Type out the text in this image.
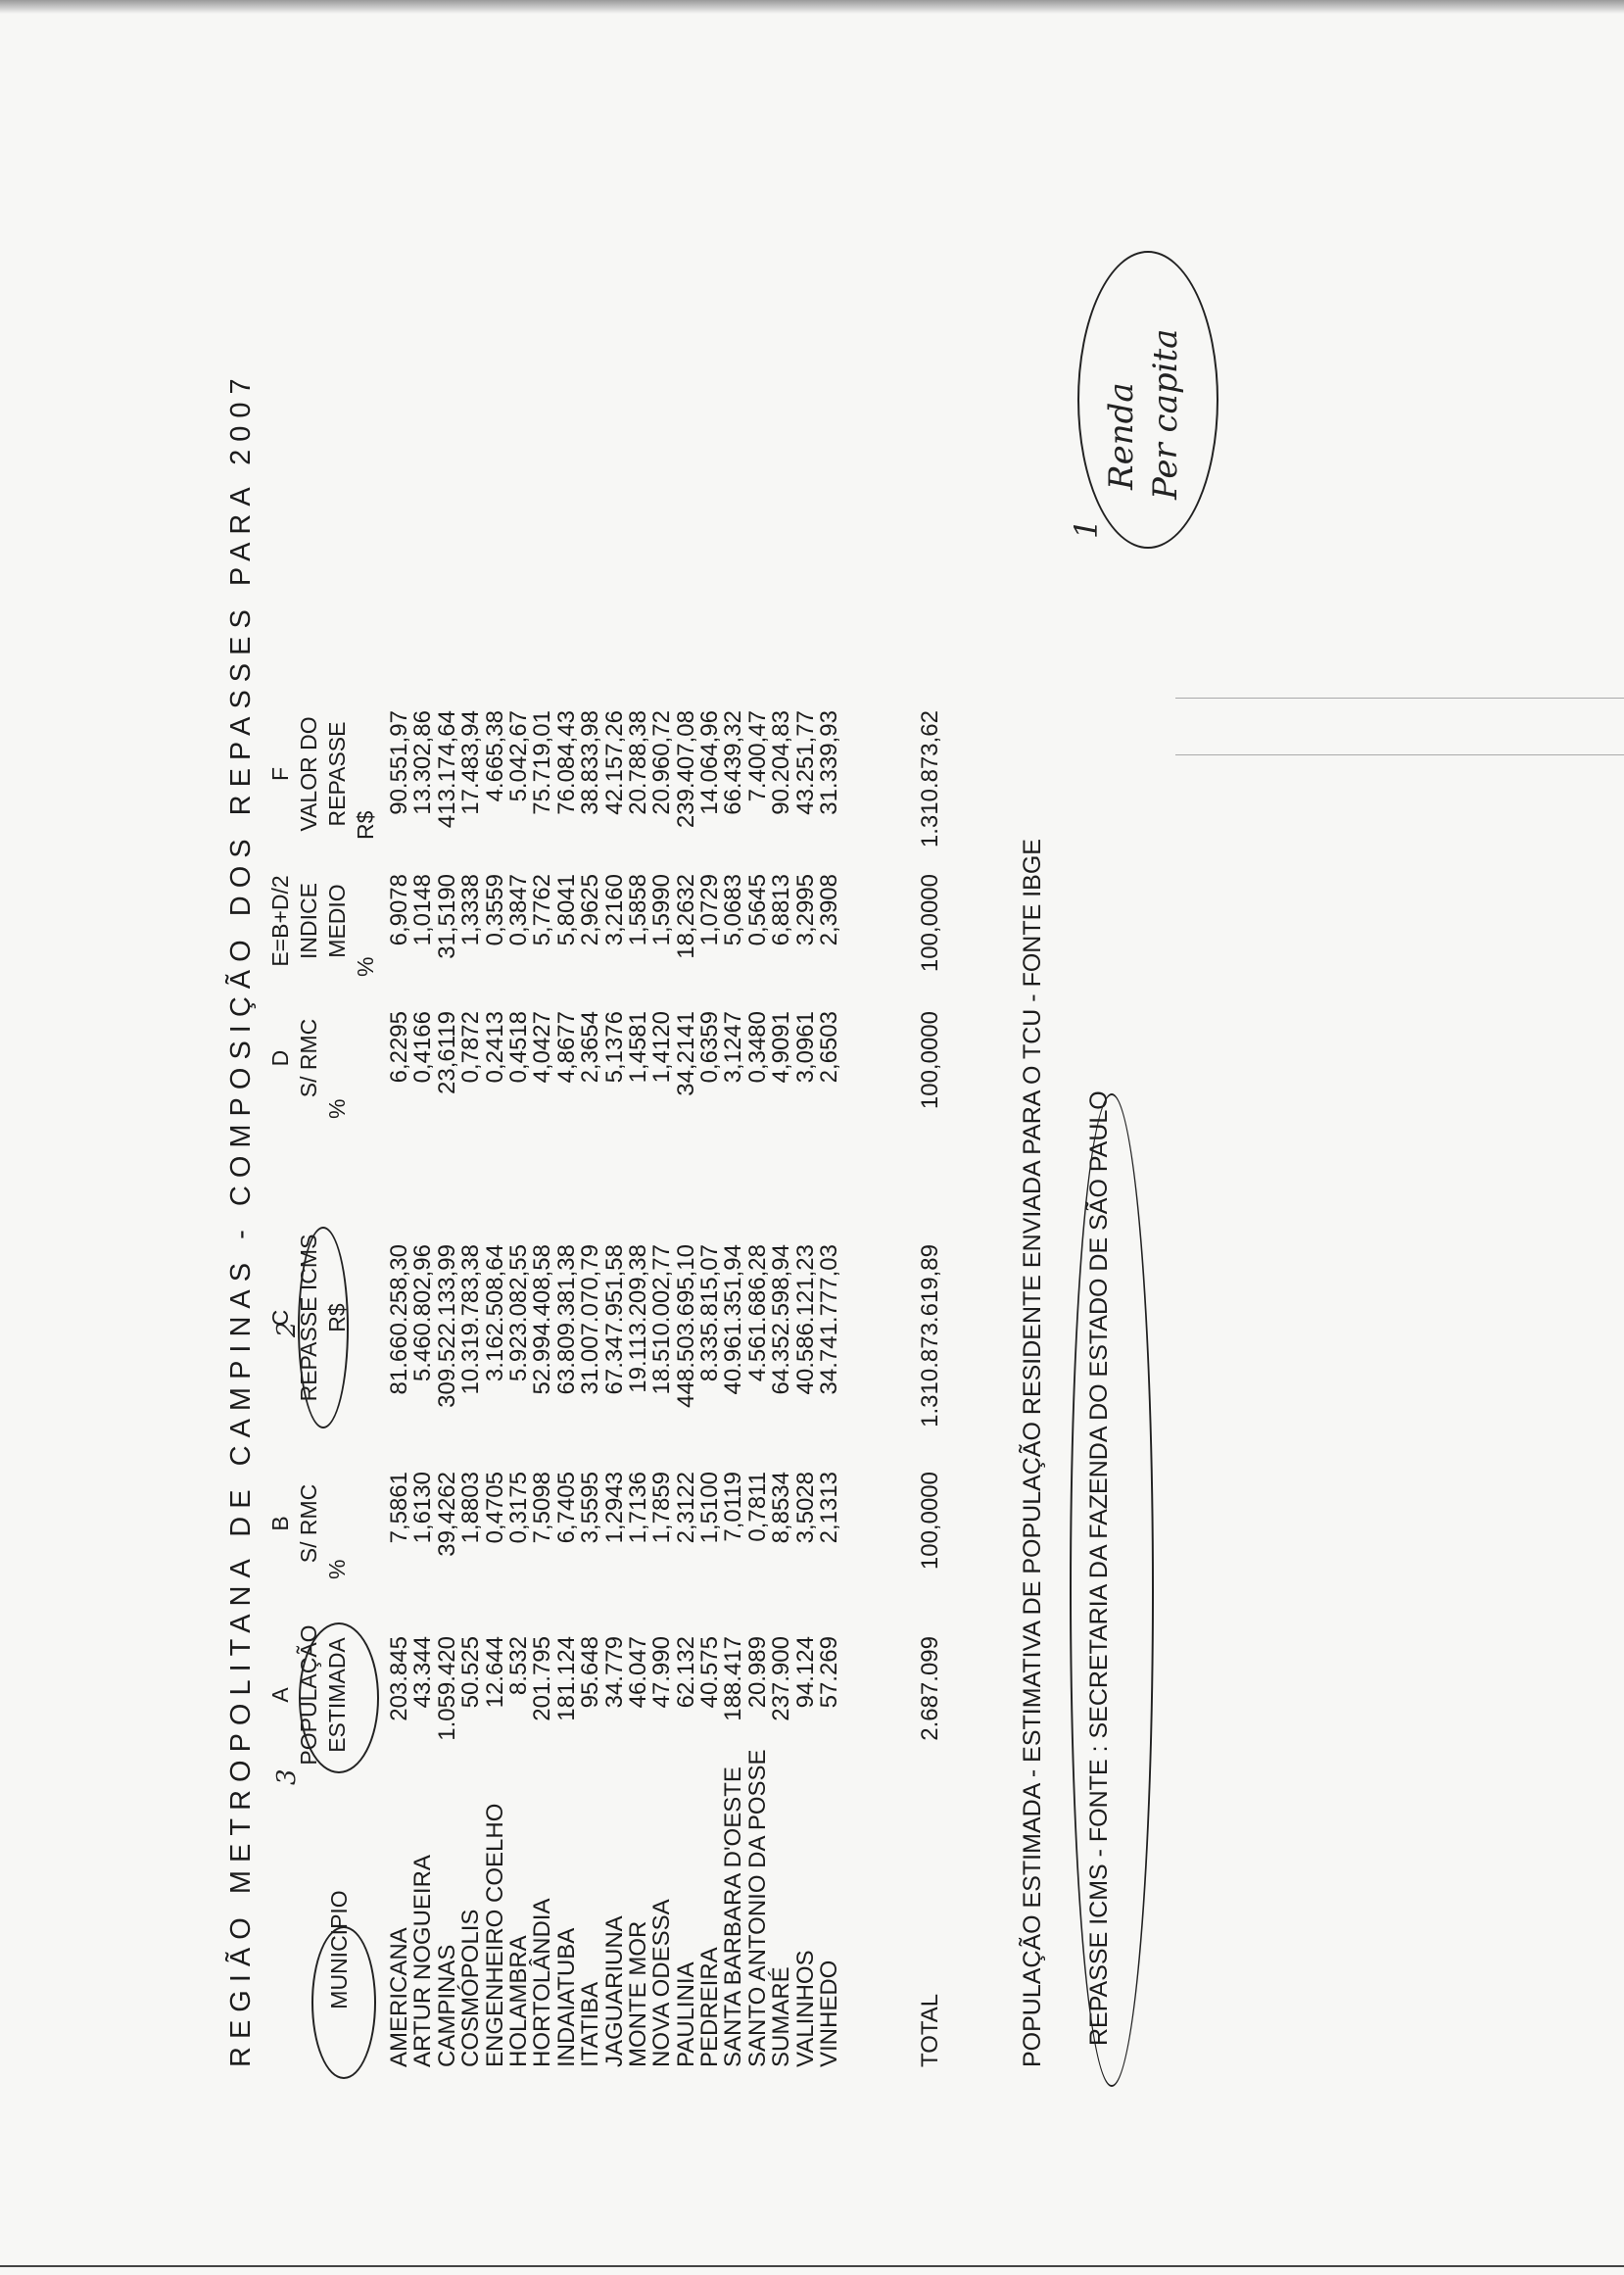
REGIÃO METROPOLITANA DE CAMPINAS - COMPOSIÇÃO DOS REPASSES PARA 2007	MUNICIPIO
A POPULAÇÃO ESTIMADA
B S/ RMC
%
C REPASSE ICMS R$
D S/ RMC
%
E=B+D/2 INDICE MEDIO
%
F VALOR DO REPASSE R$
AMERICANA
ARTUR NOGUEIRA
CAMPINAS
COSMÓPOLIS
ENGENHEIRO COELHO
HOLAMBRA
HORTOLÂNDIA
INDAIATUBA
ITATIBA
JAGUARIUNA
MONTE MOR
NOVA ODESSA
PAULINIA
PEDREIRA
SANTA BARBARA D'OESTE
SANTO ANTONIO DA POSSE
SUMARÉ
VALINHOS
VINHEDO
203.845
43.344
1.059.420
50.525
12.644
8.532
201.795
181.124
95.648
34.779
46.047
47.990
62.132
40.575
188.417
20.989
237.900
94.124
57.269
7,5861
1,6130
39,4262
1,8803
0,4705
0,3175
7,5098
6,7405
3,5595
1,2943
1,7136
1,7859
2,3122
1,5100
7,0119
0,7811
8,8534
3,5028
2,1313
81.660.258,30
5.460.802,96
309.522.133,99
10.319.783,38
3.162.508,64
5.923.082,55
52.994.408,58
63.809.381,38
31.007.070,79
67.347.951,58
19.113.209,38
18.510.002,77
448.503.695,10
8.335.815,07
40.961.351,94
4.561.686,28
64.352.598,94
40.586.121,23
34.741.777,03
6,2295
0,4166
23,6119
0,7872
0,2413
0,4518
4,0427
4,8677
2,3654
5,1376
1,4581
1,4120
34,2141
0,6359
3,1247
0,3480
4,9091
3,0961
2,6503
6,9078
1,0148
31,5190
1,3338
0,3559
0,3847
5,7762
5,8041
2,9625
3,2160
1,5858
1,5990
18,2632
1,0729
5,0683
0,5645
6,8813
3,2995
2,3908
90.551,97
13.302,86
413.174,64
17.483,94
4.665,38
5.042,67
75.719,01
76.084,43
38.833,98
42.157,26
20.788,38
20.960,72
239.407,08
14.064,96
66.439,32
7.400,47
90.204,83
43.251,77
31.339,93
TOTAL
2.687.099
100,0000
1.310.873.619,89
100,0000
100,0000
1.310.873,62
POPULAÇÃO ESTIMADA - ESTIMATIVA DE POPULAÇÃO RESIDENTE ENVIADA PARA O TCU - FONTE IBGE REPASSE ICMS - FONTE : SECRETARIA DA FAZENDA DO ESTADO DE SÃO PAULO
3
2
1
Renda Per capita
